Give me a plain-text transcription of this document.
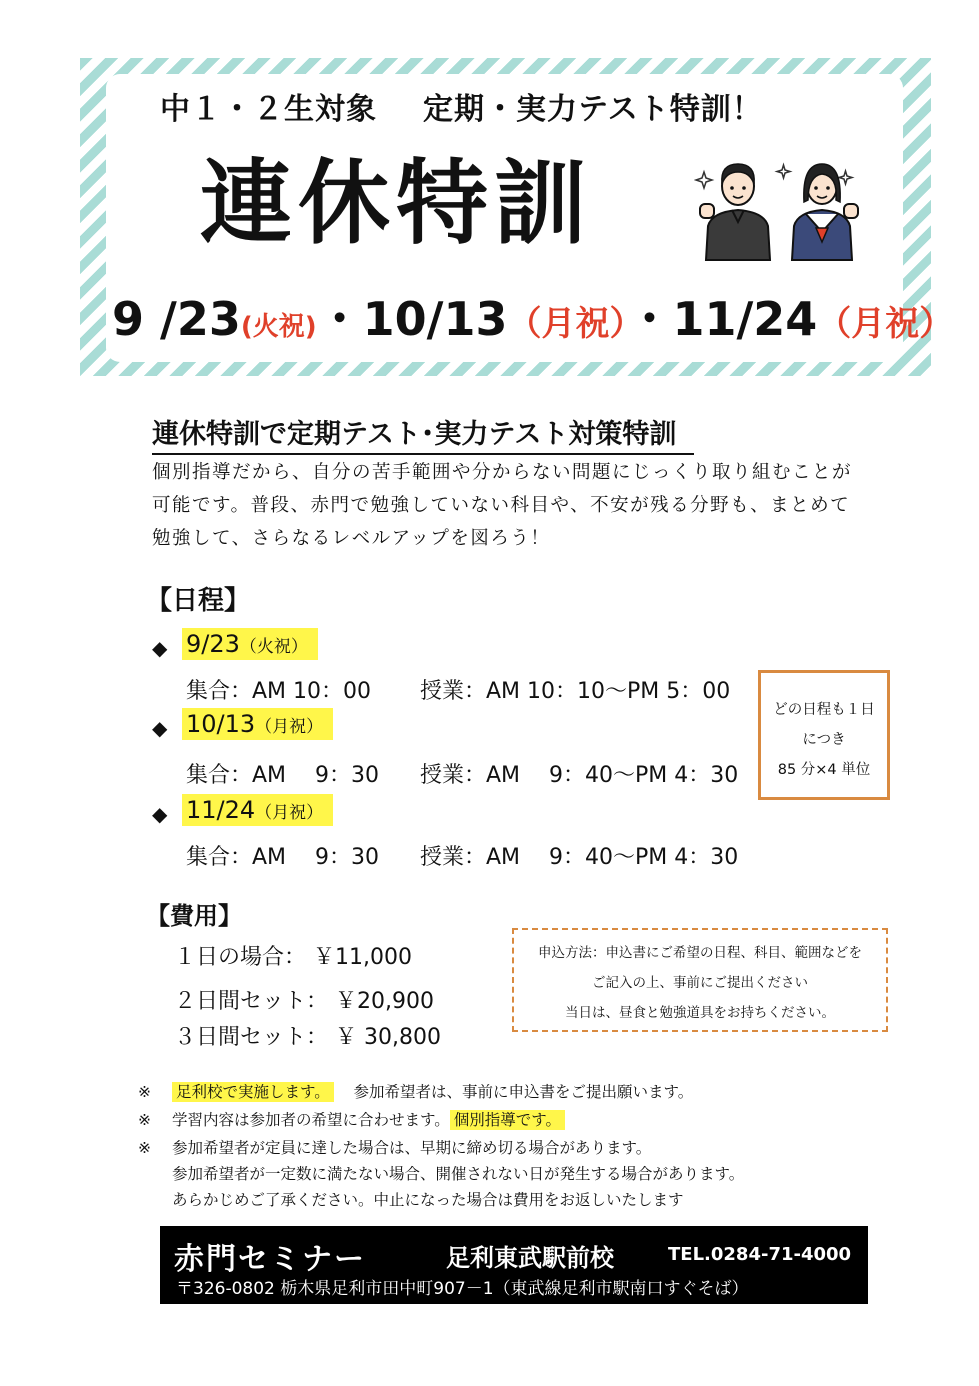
中１・２生対象 定期・実力テスト特訓！
連休特訓
9 /23(火祝)・10/13（月祝）・11/24（月祝）
連休特訓で定期テスト･実力テスト対策特訓
個別指導だから、自分の苦手範囲や分からない問題にじっくり取り組むことが
可能です。普段、赤門で勉強していない科目や、不安が残る分野も、まとめて
勉強して、さらなるレベルアップを図ろう！
【日程】
◆ 9/23（火祝）
集合：AM 10：00 授業：AM 10：10～PM 5：00
◆ 10/13（月祝）
集合：AM　 9：30 授業：AM　 9：40～PM 4：30
◆ 11/24（月祝）
集合：AM　 9：30 授業：AM　 9：40～PM 4：30
どの日程も１日
につき
85 分×4 単位
【費用】
１日の場合： ￥11,000
２日間セット： ￥20,900
３日間セット： ￥ 30,800
申込方法：申込書にご希望の日程、科目、範囲などを
ご記入の上、事前にご提出ください
当日は、昼食と勉強道具をお持ちください。
※ 足利校で実施します。 参加希望者は、事前に申込書をご提出願います。
※ 学習内容は参加者の希望に合わせます。 個別指導です。
※ 参加希望者が定員に達した場合は、早期に締め切る場合があります。
参加希望者が一定数に満たない場合、開催されない日が発生する場合があります。
あらかじめご了承ください。中止になった場合は費用をお返しいたします
赤門セミナー	足利東武駅前校	TEL.0284-71-4000
〒326-0802 栃木県足利市田中町907－1（東武線足利市駅南口すぐそば）
